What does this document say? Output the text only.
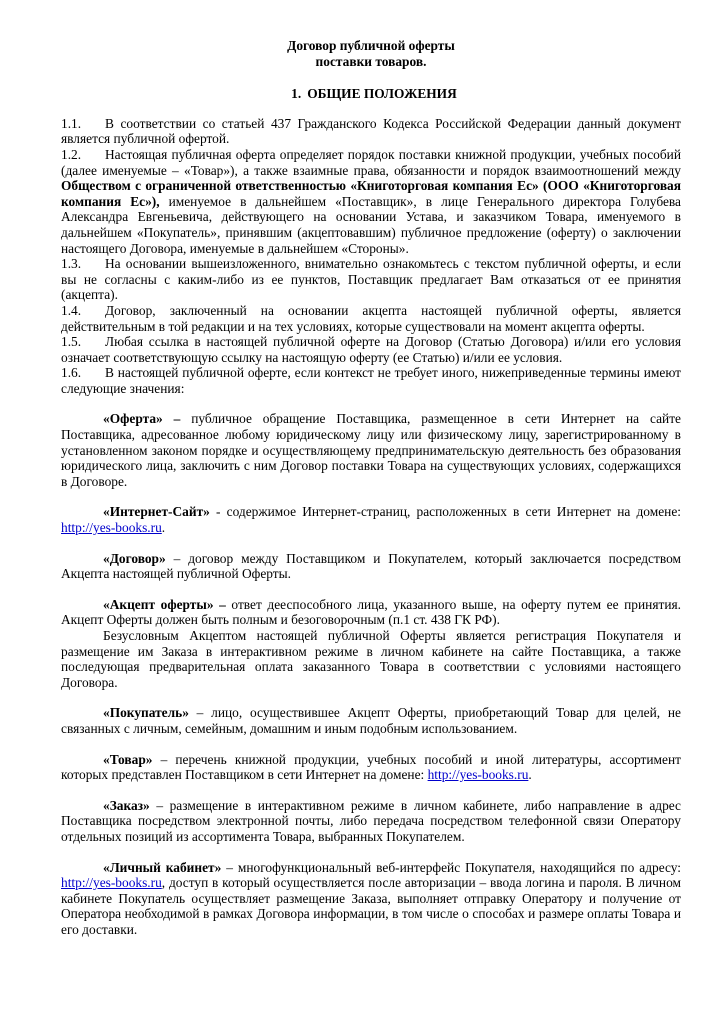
Договор публичной оферты

поставки товаров.

1. ОБЩИЕ ПОЛОЖЕНИЯ

1.1. В соответствии со статьей 437 Гражданского Кодекса Российской Федерации данный документ является публичной офертой.

1.2. Настоящая публичная оферта определяет порядок поставки книжной продукции, учебных пособий (далее именуемые – «Товар»), а также взаимные права, обязанности и порядок взаимоотношений между Обществом с ограниченной ответственностью «Книготорговая компания Ес» (ООО «Книготорговая компания Ес»), именуемое в дальнейшем «Поставщик», в лице Генерального директора Голубева Александра Евгеньевича, действующего на основании Устава, и заказчиком Товара, именуемого в дальнейшем «Покупатель», принявшим (акцептовавшим) публичное предложение (оферту) о заключении настоящего Договора, именуемые в дальнейшем «Стороны».

1.3. На основании вышеизложенного, внимательно ознакомьтесь с текстом публичной оферты, и если вы не согласны с каким-либо из ее пунктов, Поставщик предлагает Вам отказаться от ее принятия (акцепта).

1.4. Договор, заключенный на основании акцепта настоящей публичной оферты, является действительным в той редакции и на тех условиях, которые существовали на момент акцепта оферты.

1.5. Любая ссылка в настоящей публичной оферте на Договор (Статью Договора) и/или его условия означает соответствующую ссылку на настоящую оферту (ее Статью) и/или ее условия.

1.6. В настоящей публичной оферте, если контекст не требует иного, нижеприведенные термины имеют следующие значения:

«Оферта» – публичное обращение Поставщика, размещенное в сети Интернет на сайте Поставщика, адресованное любому юридическому лицу или физическому лицу, зарегистрированному в установленном законом порядке и осуществляющему предпринимательскую деятельность без образования юридического лица, заключить с ним Договор поставки Товара на существующих условиях, содержащихся в Договоре.

«Интернет-Сайт» - содержимое Интернет-страниц, расположенных в сети Интернет на домене: http://yes-books.ru.

«Договор» – договор между Поставщиком и Покупателем, который заключается посредством Акцепта настоящей публичной Оферты.

«Акцепт оферты» – ответ дееспособного лица, указанного выше, на оферту путем ее принятия. Акцепт Оферты должен быть полным и безоговорочным (п.1 ст. 438 ГК РФ).

Безусловным Акцептом настоящей публичной Оферты является регистрация Покупателя и размещение им Заказа в интерактивном режиме в личном кабинете на сайте Поставщика, а также последующая предварительная оплата заказанного Товара в соответствии с условиями настоящего Договора.

«Покупатель» – лицо, осуществившее Акцепт Оферты, приобретающий Товар для целей, не связанных с личным, семейным, домашним и иным подобным использованием.

«Товар» – перечень книжной продукции, учебных пособий и иной литературы, ассортимент которых представлен Поставщиком в сети Интернет на домене: http://yes-books.ru.

«Заказ» – размещение в интерактивном режиме в личном кабинете, либо направление в адрес Поставщика посредством электронной почты, либо передача посредством телефонной связи Оператору отдельных позиций из ассортимента Товара, выбранных Покупателем.

«Личный кабинет» – многофункциональный веб-интерфейс Покупателя, находящийся по адресу: http://yes-books.ru, доступ в который осуществляется после авторизации – ввода логина и пароля. В личном кабинете Покупатель осуществляет размещение Заказа, выполняет отправку Оператору и получение от Оператора необходимой в рамках Договора информации, в том числе о способах и размере оплаты Товара и его доставки.
